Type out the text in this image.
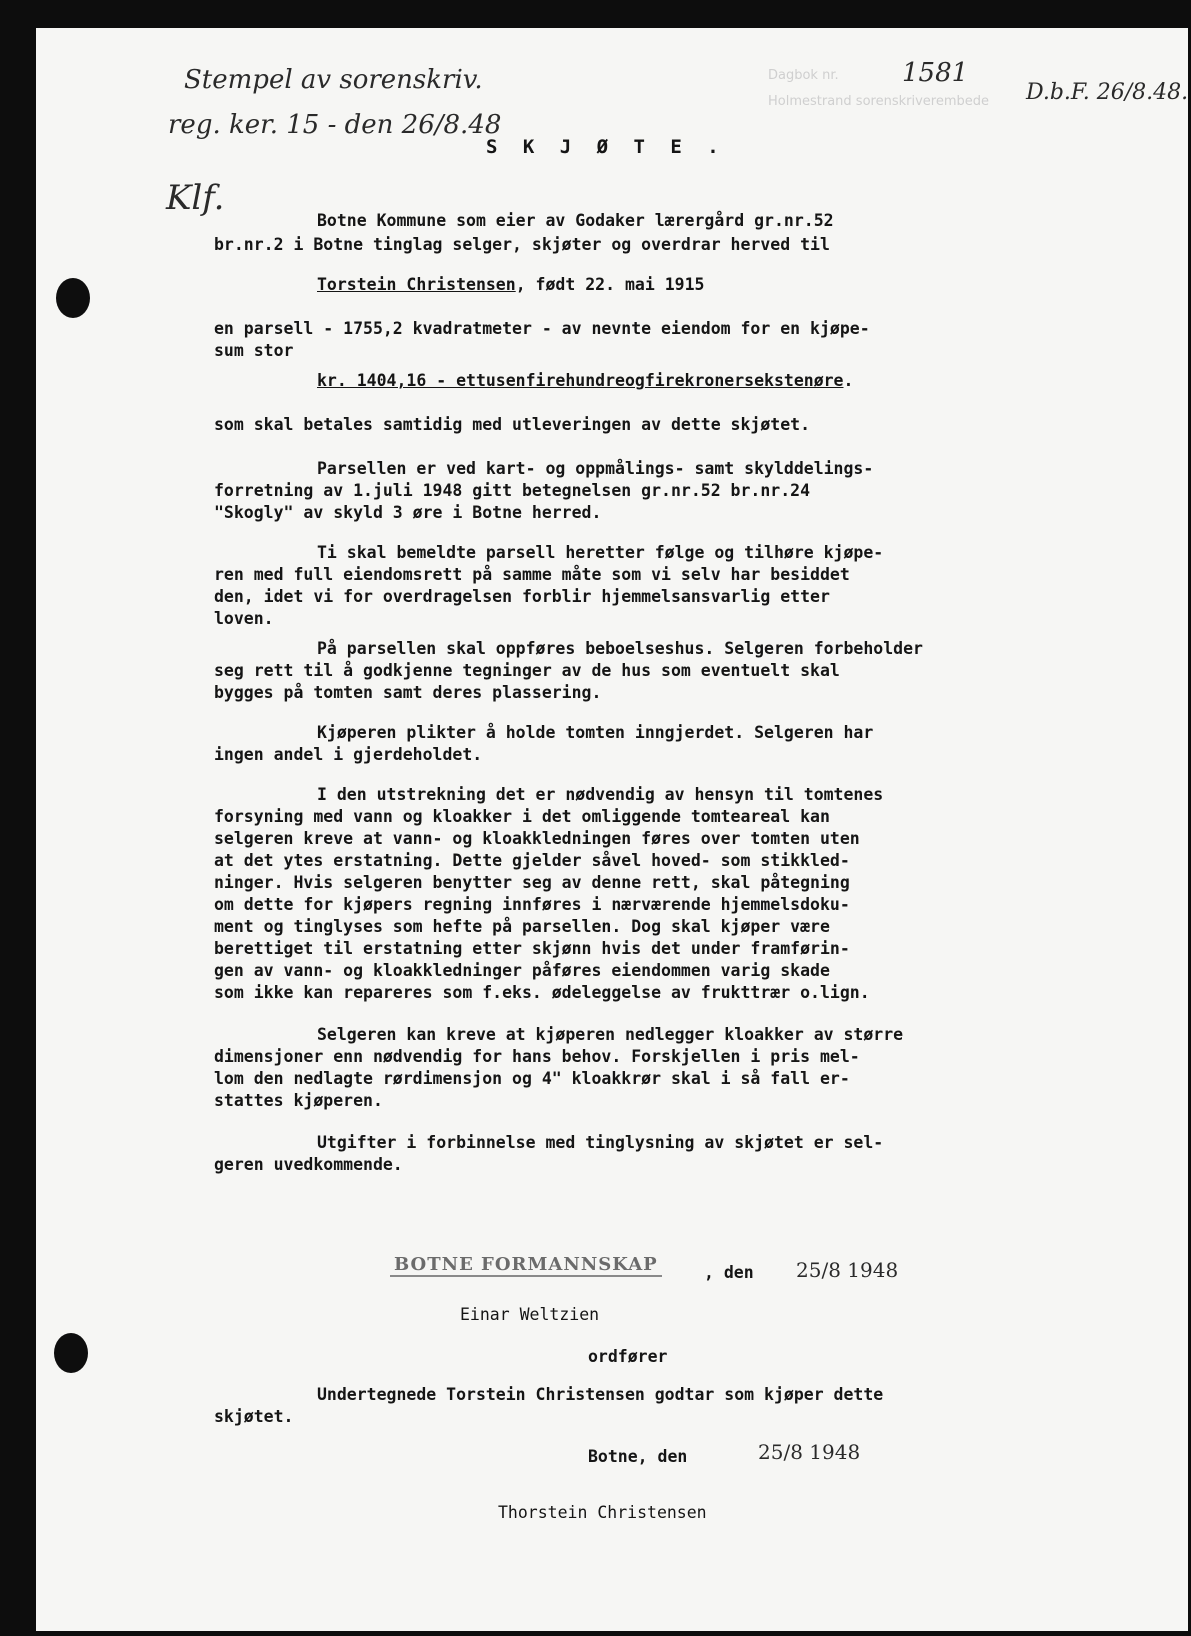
Stempel av sorenskriv.
reg. ker. 15 - den 26/8.48
Klf.
Dagbok nr.
Holmestrand sorenskriverembede
1581
D.b.F. 26/8.48.
S K J Ø T E .
Botne Kommune som eier av Godaker lærergård gr.nr.52
br.nr.2 i Botne tinglag selger, skjøter og overdrar herved til
Torstein Christensen, født 22. mai 1915
en parsell - 1755,2 kvadratmeter - av nevnte eiendom for en kjøpe-
sum stor
kr. 1404,16 - ettusenfirehundreogfirekronersekstenøre.
som skal betales samtidig med utleveringen av dette skjøtet.
Parsellen er ved kart- og oppmålings- samt skylddelings-
forretning av 1.juli 1948 gitt betegnelsen gr.nr.52 br.nr.24
"Skogly" av skyld 3 øre i Botne herred.
Ti skal bemeldte parsell heretter følge og tilhøre kjøpe-
ren med full eiendomsrett på samme måte som vi selv har besiddet
den, idet vi for overdragelsen forblir hjemmelsansvarlig etter
loven.
På parsellen skal oppføres beboelseshus. Selgeren forbeholder
seg rett til å godkjenne tegninger av de hus som eventuelt skal
bygges på tomten samt deres plassering.
Kjøperen plikter å holde tomten inngjerdet. Selgeren har
ingen andel i gjerdeholdet.
I den utstrekning det er nødvendig av hensyn til tomtenes
forsyning med vann og kloakker i det omliggende tomteareal kan
selgeren kreve at vann- og kloakkledningen føres over tomten uten
at det ytes erstatning. Dette gjelder såvel hoved- som stikkled-
ninger. Hvis selgeren benytter seg av denne rett, skal påtegning
om dette for kjøpers regning innføres i nærværende hjemmelsdoku-
ment og tinglyses som hefte på parsellen. Dog skal kjøper være
berettiget til erstatning etter skjønn hvis det under framførin-
gen av vann- og kloakkledninger påføres eiendommen varig skade
som ikke kan repareres som f.eks. ødeleggelse av frukttrær o.lign.
Selgeren kan kreve at kjøperen nedlegger kloakker av større
dimensjoner enn nødvendig for hans behov. Forskjellen i pris mel-
lom den nedlagte rørdimensjon og 4" kloakkrør skal i så fall er-
stattes kjøperen.
Utgifter i forbinnelse med tinglysning av skjøtet er sel-
geren uvedkommende.
BOTNE FORMANNSKAP	, den 25/8 1948
Einar Weltzien
ordfører
Undertegnede Torstein Christensen godtar som kjøper dette
skjøtet.
Botne, den	25/8 1948
Thorstein Christensen
